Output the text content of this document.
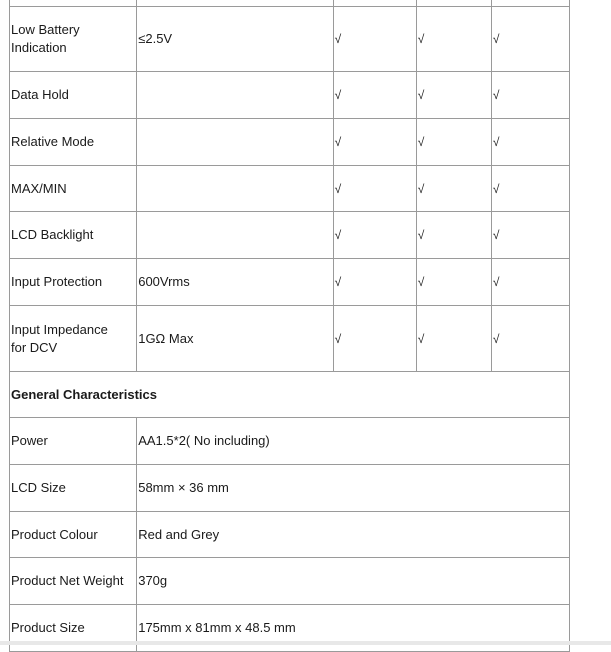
Low Battery
Indication	≤2.5V	√	√	√
Data Hold		√	√	√
Relative Mode		√	√	√
MAX/MIN		√	√	√
LCD Backlight		√	√	√
Input Protection	600Vrms	√	√	√
Input Impedance
for DCV	1GΩ Max	√	√	√
General Characteristics				
Power	AA1.5*2( No including)			
LCD Size	58mm × 36 mm			
Product Colour	Red and Grey			
Product Net Weight	370g			
Product Size	175mm x 81mm x 48.5 mm			
